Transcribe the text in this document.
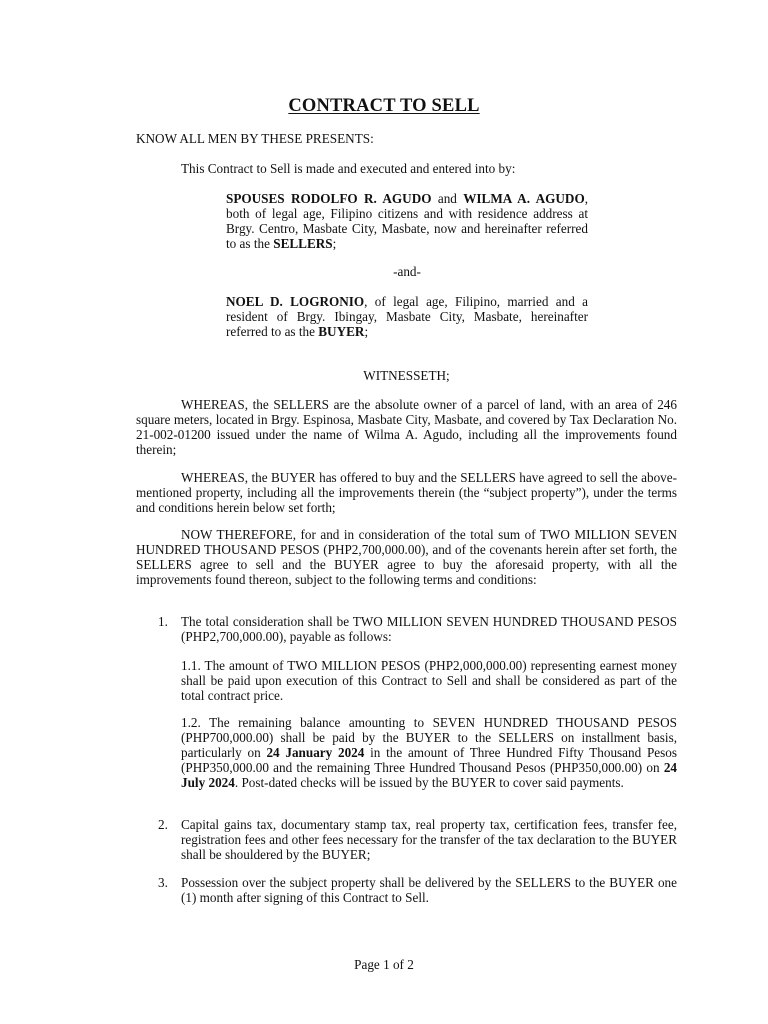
CONTRACT TO SELL

KNOW ALL MEN BY THESE PRESENTS:

This Contract to Sell is made and executed and entered into by:

SPOUSES RODOLFO R. AGUDO and WILMA A. AGUDO, both of legal age, Filipino citizens and with residence address at Brgy. Centro, Masbate City, Masbate, now and hereinafter referred to as the SELLERS;

-and-

NOEL D. LOGRONIO, of legal age, Filipino, married and a resident of Brgy. Ibingay, Masbate City, Masbate, hereinafter referred to as the BUYER;

WITNESSETH;

WHEREAS, the SELLERS are the absolute owner of a parcel of land, with an area of 246 square meters, located in Brgy. Espinosa, Masbate City, Masbate, and covered by Tax Declaration No. 21-002-01200 issued under the name of Wilma A. Agudo, including all the improvements found therein;

WHEREAS, the BUYER has offered to buy and the SELLERS have agreed to sell the above-mentioned property, including all the improvements therein (the “subject property”), under the terms and conditions herein below set forth;

NOW THEREFORE, for and in consideration of the total sum of TWO MILLION SEVEN HUNDRED THOUSAND PESOS (PHP2,700,000.00), and of the covenants herein after set forth, the SELLERS agree to sell and the BUYER agree to buy the aforesaid property, with all the improvements found thereon, subject to the following terms and conditions:

1. The total consideration shall be TWO MILLION SEVEN HUNDRED THOUSAND PESOS (PHP2,700,000.00), payable as follows:

1.1. The amount of TWO MILLION PESOS (PHP2,000,000.00) representing earnest money shall be paid upon execution of this Contract to Sell and shall be considered as part of the total contract price.

1.2. The remaining balance amounting to SEVEN HUNDRED THOUSAND PESOS (PHP700,000.00) shall be paid by the BUYER to the SELLERS on installment basis, particularly on 24 January 2024 in the amount of Three Hundred Fifty Thousand Pesos (PHP350,000.00 and the remaining Three Hundred Thousand Pesos (PHP350,000.00) on 24 July 2024. Post-dated checks will be issued by the BUYER to cover said payments.

2. Capital gains tax, documentary stamp tax, real property tax, certification fees, transfer fee, registration fees and other fees necessary for the transfer of the tax declaration to the BUYER shall be shouldered by the BUYER;

3. Possession over the subject property shall be delivered by the SELLERS to the BUYER one (1) month after signing of this Contract to Sell.

Page 1 of 2
